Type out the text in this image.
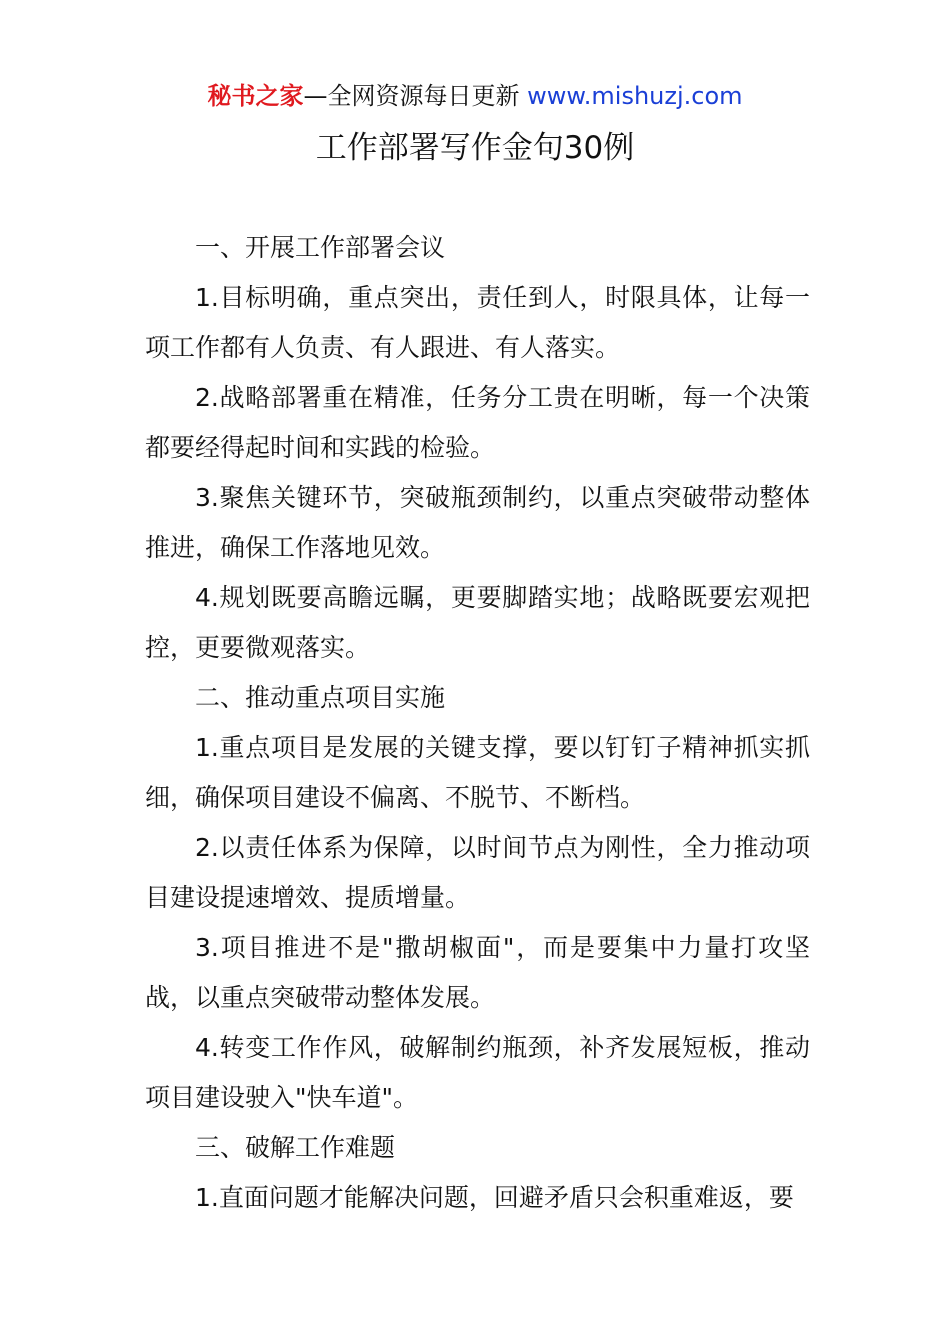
秘书之家—全网资源每日更新 www.mishuzj.com
工作部署写作金句30例

一、开展工作部署会议

1.目标明确，重点突出，责任到人，时限具体，让每一项工作都有人负责、有人跟进、有人落实。

2.战略部署重在精准，任务分工贵在明晰，每一个决策都要经得起时间和实践的检验。

3.聚焦关键环节，突破瓶颈制约，以重点突破带动整体推进，确保工作落地见效。

4.规划既要高瞻远瞩，更要脚踏实地；战略既要宏观把控，更要微观落实。

二、推动重点项目实施

1.重点项目是发展的关键支撑，要以钉钉子精神抓实抓细，确保项目建设不偏离、不脱节、不断档。

2.以责任体系为保障，以时间节点为刚性，全力推动项目建设提速增效、提质增量。

3.项目推进不是"撒胡椒面"，而是要集中力量打攻坚战，以重点突破带动整体发展。

4.转变工作作风，破解制约瓶颈，补齐发展短板，推动项目建设驶入"快车道"。

三、破解工作难题

1.直面问题才能解决问题，回避矛盾只会积重难返，要
